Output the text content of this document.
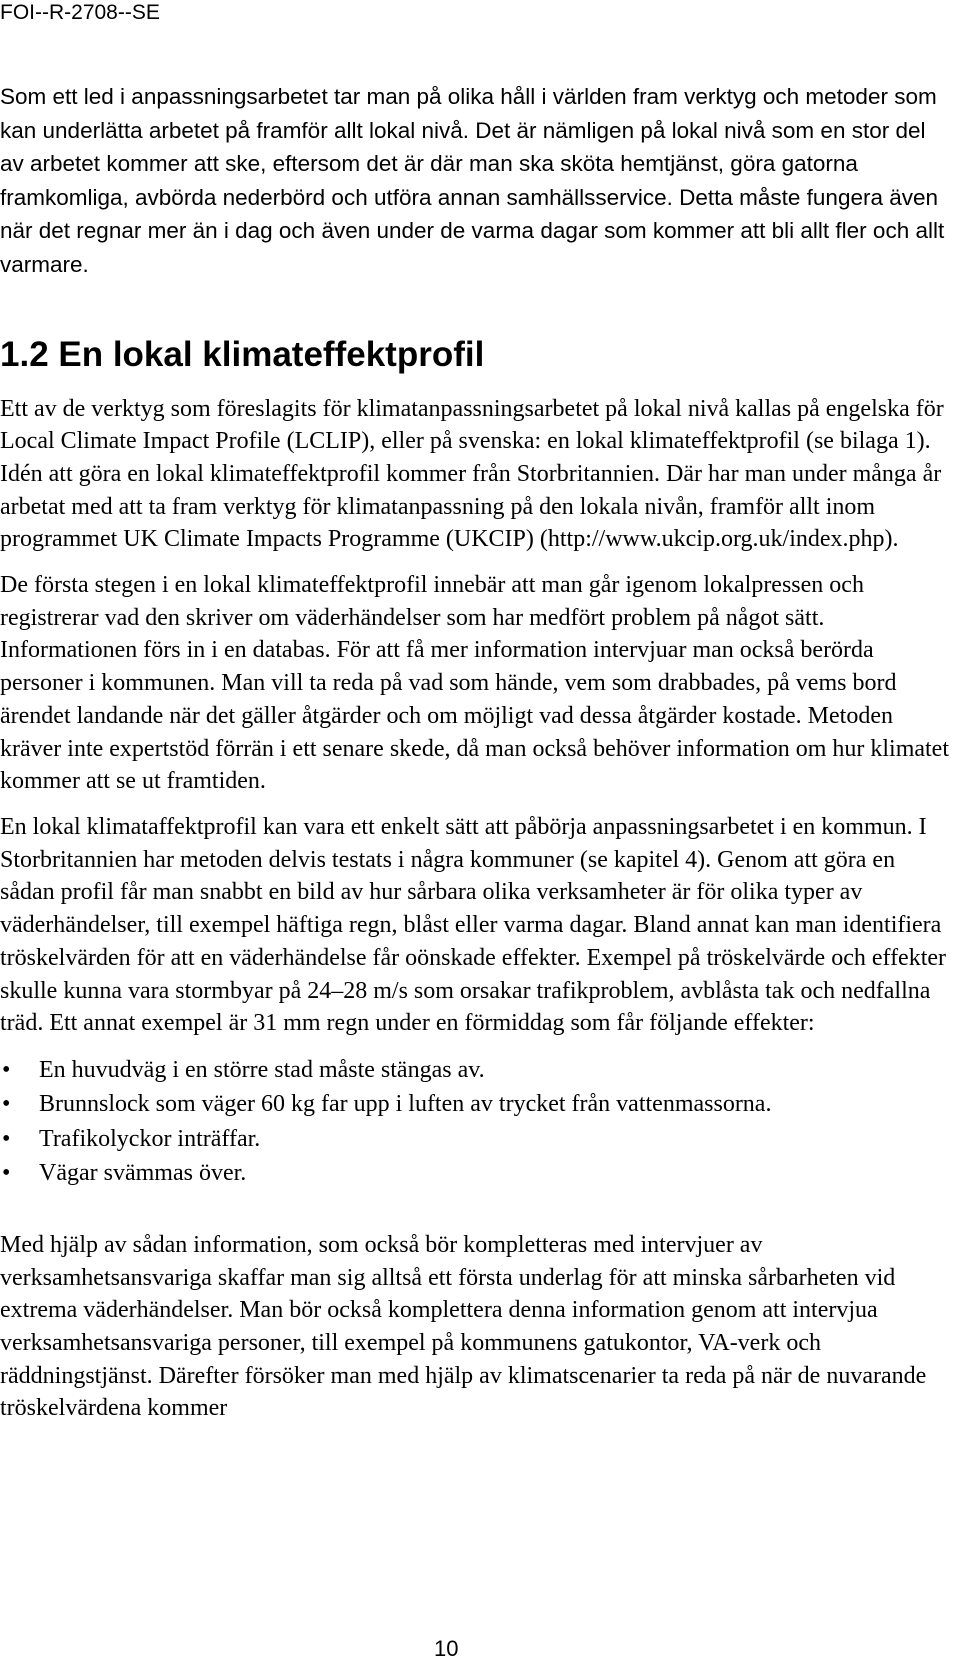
FOI--R-2708--SE

Som ett led i anpassningsarbetet tar man på olika håll i världen fram verktyg och metoder som kan underlätta arbetet på framför allt lokal nivå. Det är nämligen på lokal nivå som en stor del av arbetet kommer att ske, eftersom det är där man ska sköta hemtjänst, göra gatorna framkomliga, avbörda nederbörd och utföra annan samhällsservice. Detta måste fungera även när det regnar mer än i dag och även under de varma dagar som kommer att bli allt fler och allt varmare.

1.2 En lokal klimateffektprofil

Ett av de verktyg som föreslagits för klimatanpassningsarbetet på lokal nivå kallas på engelska för Local Climate Impact Profile (LCLIP), eller på svenska: en lokal klimateffektprofil (se bilaga 1). Idén att göra en lokal klimateffektprofil kommer från Storbritannien. Där har man under många år arbetat med att ta fram verktyg för klimatanpassning på den lokala nivån, framför allt inom programmet UK Climate Impacts Programme (UKCIP) (http://www.ukcip.org.uk/index.php).

De första stegen i en lokal klimateffektprofil innebär att man går igenom lokalpressen och registrerar vad den skriver om väderhändelser som har medfört problem på något sätt. Informationen förs in i en databas. För att få mer information intervjuar man också berörda personer i kommunen. Man vill ta reda på vad som hände, vem som drabbades, på vems bord ärendet landande när det gäller åtgärder och om möjligt vad dessa åtgärder kostade. Metoden kräver inte expertstöd förrän i ett senare skede, då man också behöver information om hur klimatet kommer att se ut framtiden.

En lokal klimataffektprofil kan vara ett enkelt sätt att påbörja anpassningsarbetet i en kommun. I Storbritannien har metoden delvis testats i några kommuner (se kapitel 4). Genom att göra en sådan profil får man snabbt en bild av hur sårbara olika verksamheter är för olika typer av väderhändelser, till exempel häftiga regn, blåst eller varma dagar. Bland annat kan man identifiera tröskelvärden för att en väderhändelse får oönskade effekter. Exempel på tröskelvärde och effekter skulle kunna vara stormbyar på 24–28 m/s som orsakar trafikproblem, avblåsta tak och nedfallna träd. Ett annat exempel är 31 mm regn under en förmiddag som får följande effekter:

• En huvudväg i en större stad måste stängas av.
• Brunnslock som väger 60 kg far upp i luften av trycket från vattenmassorna.
• Trafikolyckor inträffar.
• Vägar svämmas över.

Med hjälp av sådan information, som också bör kompletteras med intervjuer av verksamhetsansvariga skaffar man sig alltså ett första underlag för att minska sårbarheten vid extrema väderhändelser. Man bör också komplettera denna information genom att intervjua verksamhetsansvariga personer, till exempel på kommunens gatukontor, VA-verk och räddningstjänst. Därefter försöker man med hjälp av klimatscenarier ta reda på när de nuvarande tröskelvärdena kommer

10
